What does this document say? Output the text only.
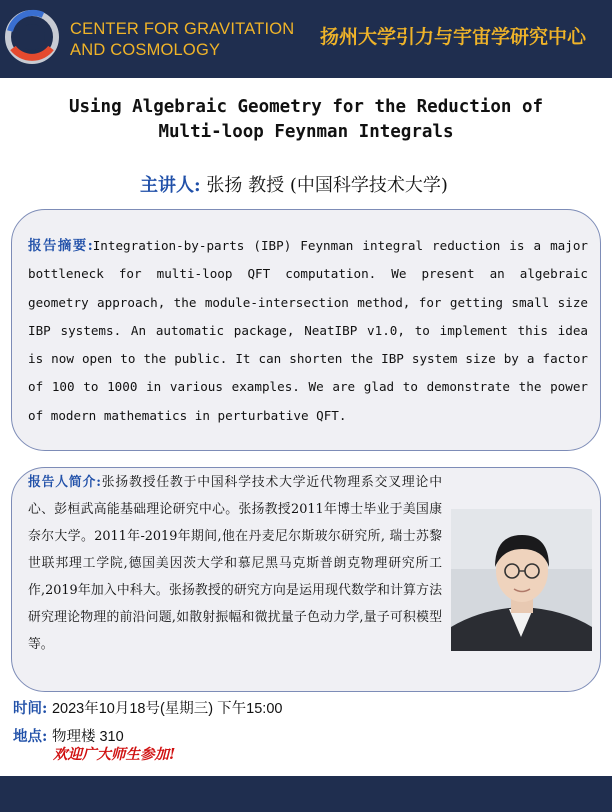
CENTER FOR GRAVITATION
AND COSMOLOGY
扬州大学引力与宇宙学研究中心
Using Algebraic Geometry for the Reduction of
Multi-loop Feynman Integrals
主讲人: 张扬 教授 (中国科学技术大学)
报告摘要:Integration-by-parts (IBP) Feynman integral reduction is a major bottleneck for multi-loop QFT computation. We present an algebraic geometry approach, the module-intersection method, for getting small size IBP systems. An automatic package, NeatIBP v1.0, to implement this idea is now open to the public. It can shorten the IBP system size by a factor of 100 to 1000 in various examples. We are glad to demonstrate the power of modern mathematics in perturbative QFT.
报告人简介:张扬教授任教于中国科学技术大学近代物理系交叉理论中心、彭桓武高能基础理论研究中心。张扬教授2011年博士毕业于美国康奈尔大学。2011年-2019年期间,他在丹麦尼尔斯玻尔研究所, 瑞士苏黎世联邦理工学院,德国美因茨大学和慕尼黑马克斯普朗克物理研究所工作,2019年加入中科大。张扬教授的研究方向是运用现代数学和计算方法研究理论物理的前沿问题,如散射振幅和微扰量子色动力学,量子可积模型等。
时间: 2023年10月18号(星期三) 下午15:00
地点: 物理楼 310
欢迎广大师生参加!
